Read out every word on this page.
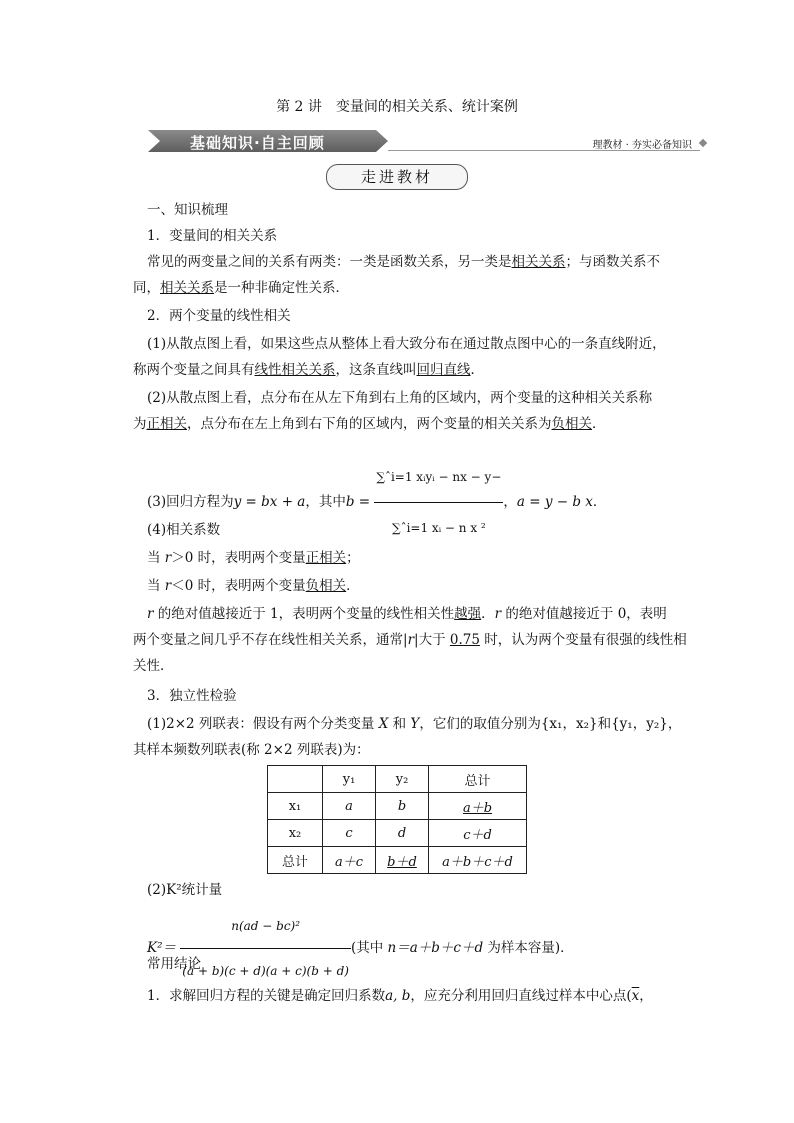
第 2 讲　变量间的相关关系、统计案例
基础知识·自主回顾	理教材 · 夯实必备知识
走进教材
一、知识梳理
1．变量间的相关关系
常见的两变量之间的关系有两类：一类是函数关系，另一类是相关关系；与函数关系不
同，相关关系是一种非确定性关系．
2．两个变量的线性相关
(1)从散点图上看，如果这些点从整体上看大致分布在通过散点图中心的一条直线附近，
称两个变量之间具有线性相关关系，这条直线叫回归直线．
(2)从散点图上看，点分布在从左下角到右上角的区域内，两个变量的这种相关关系称
为正相关，点分布在左上角到右下角的区域内，两个变量的相关关系为负相关．
(3)回归方程为y = bx + a，其中$b = \frac{\text{∑ˆi=1 xᵢyᵢ − nx − y−}}{\text{∑ˆi=1 xᵢ − n x ²}}$ ，a = y − b x．
(4)相关系数
当 r＞0 时，表明两个变量正相关；
当 r＜0 时，表明两个变量负相关．
r 的绝对值越接近于 1，表明两个变量的线性相关性越强．r 的绝对值越接近于 0，表明
两个变量之间几乎不存在线性相关关系，通常|r|大于 0.75 时，认为两个变量有很强的线性相
关性．
3．独立性检验
(1)2×2 列联表：假设有两个分类变量 X 和 Y，它们的取值分别为{x₁，x₂}和{y₁，y₂}，
其样本频数列联表(称 2×2 列联表)为：
	y₁	y₂	总计
x₁	a	b	a＋b
x₂	c	d	c＋d
总计	a＋c	b＋d	a＋b＋c＋d
(2)K²统计量
$K^2= \frac{\text{n(ad − bc)²}}{(a + b)(c + d)(a + c)(b + d)}$ (其中 n＝a＋b＋c＋d 为样本容量)．
常用结论
1．求解回归方程的关键是确定回归系数a, b，应充分利用回归直线过样本中心点($\overline{x}$，
